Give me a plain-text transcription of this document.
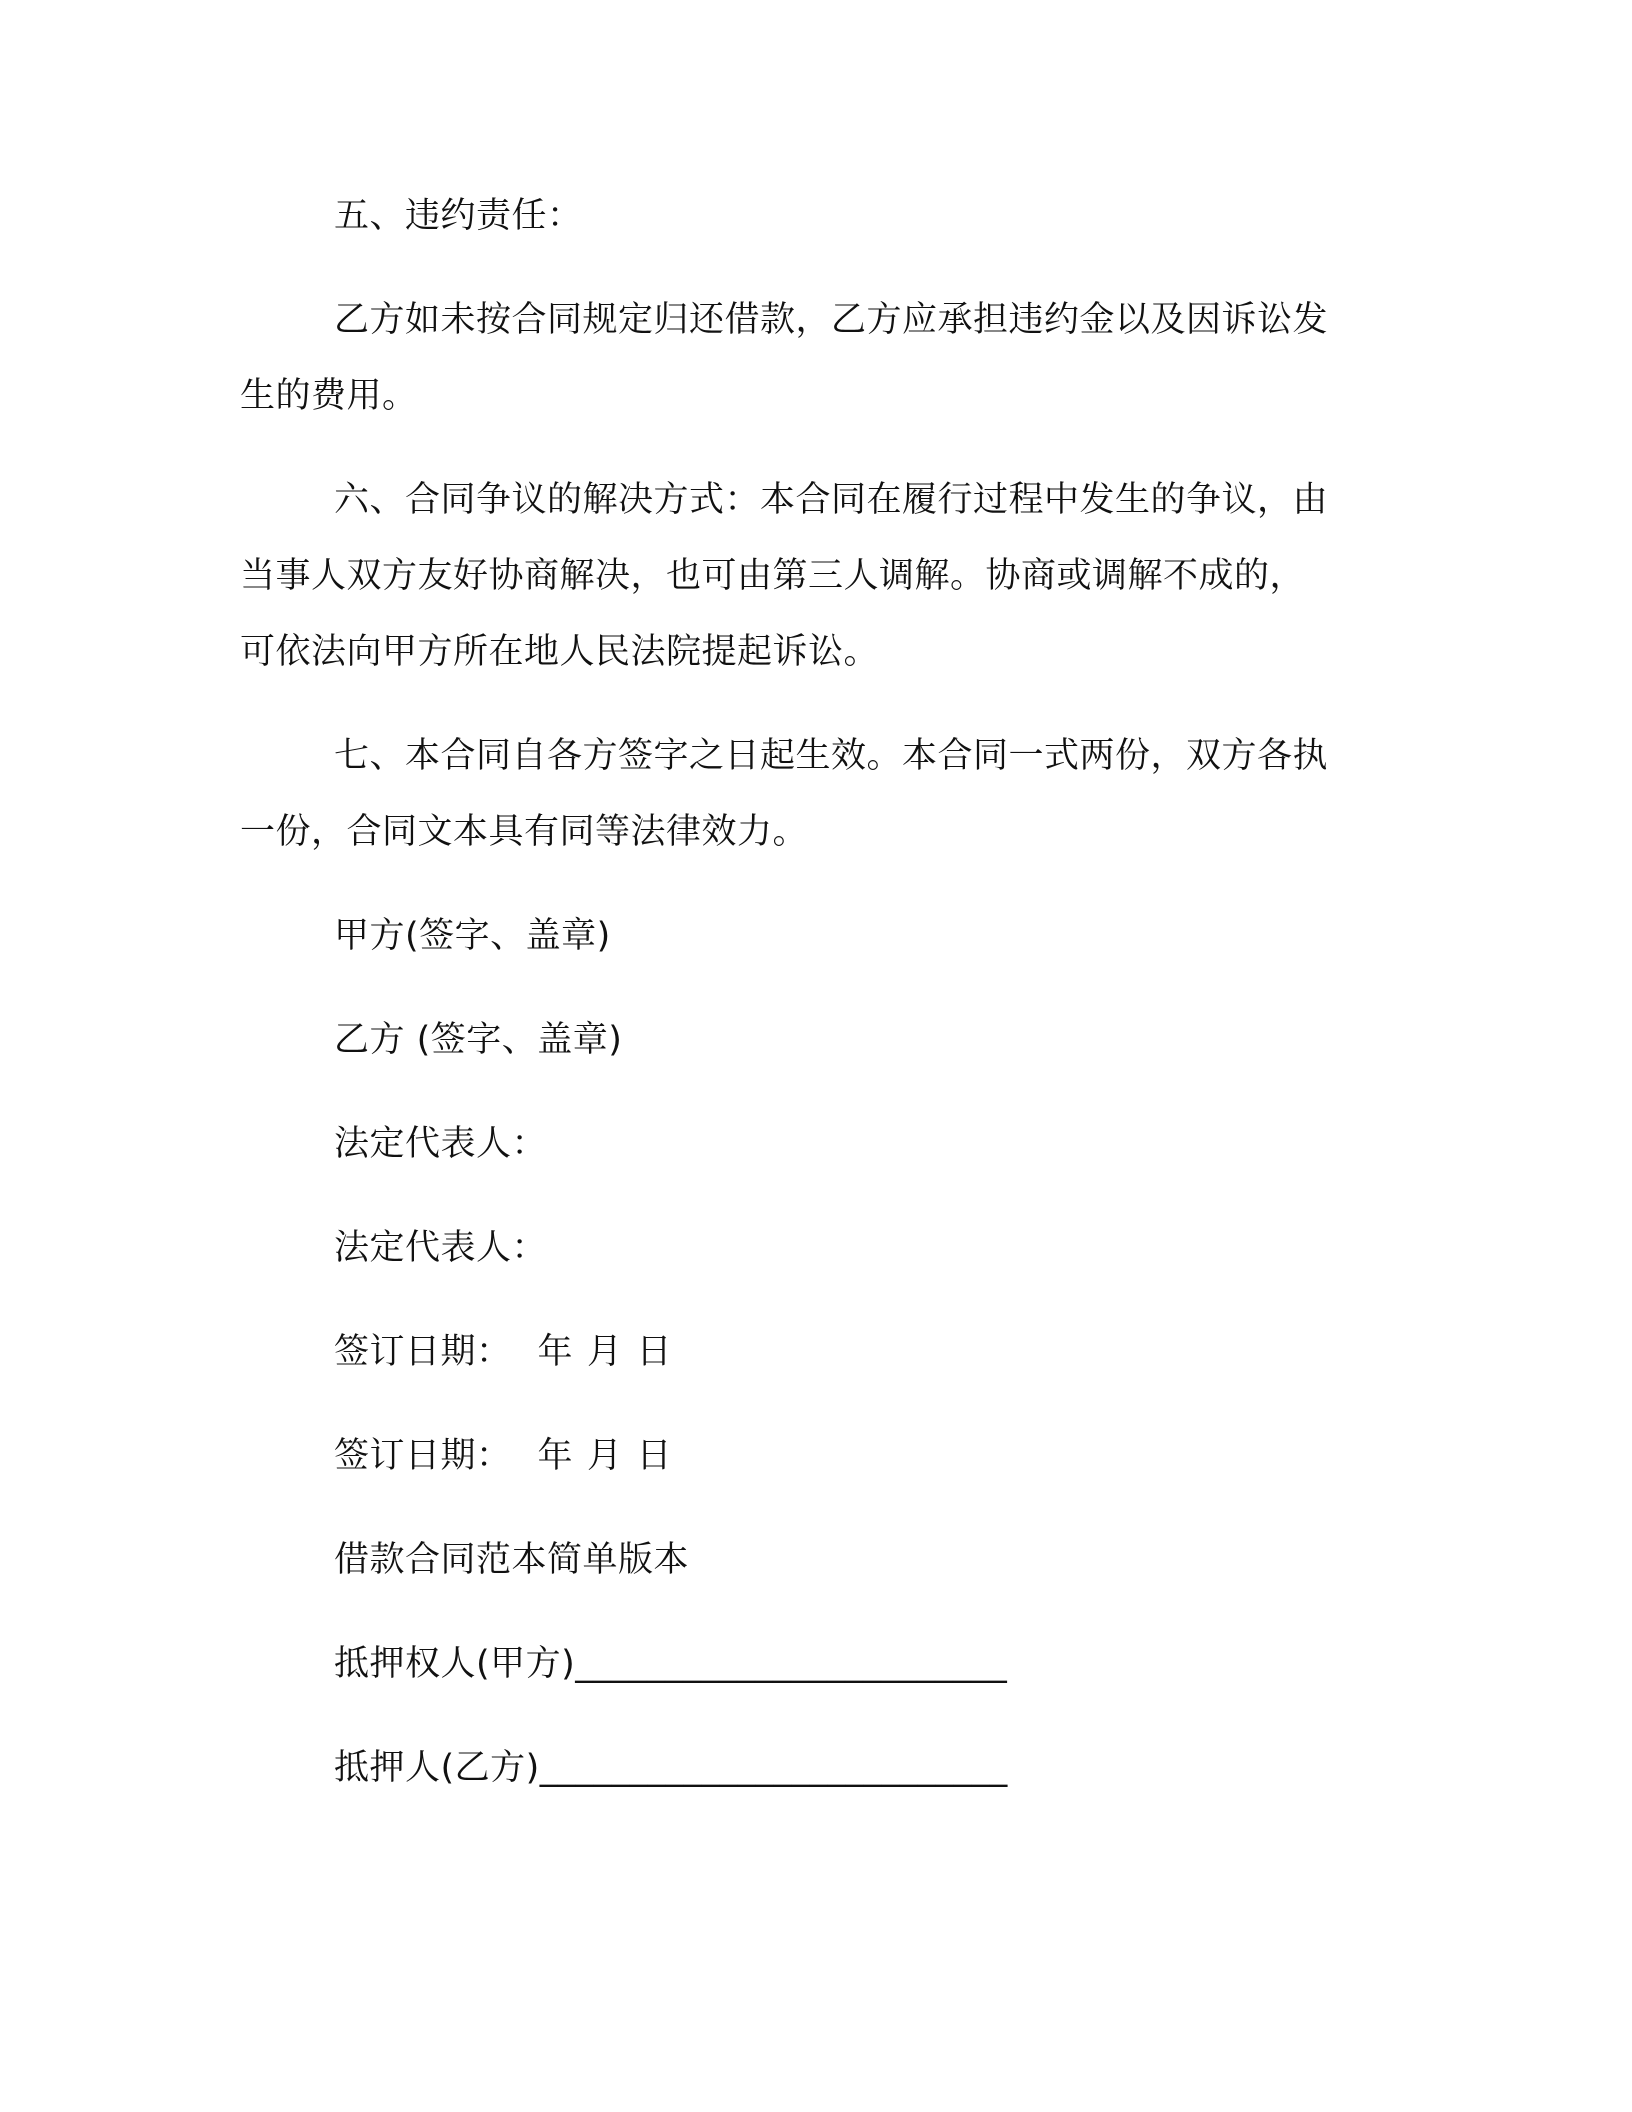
五、违约责任：
乙方如未按合同规定归还借款，乙方应承担违约金以及因诉讼发
生的费用。
六、合同争议的解决方式：本合同在履行过程中发生的争议，由
当事人双方友好协商解决，也可由第三人调解。协商或调解不成的，
可依法向甲方所在地人民法院提起诉讼。
七、本合同自各方签字之日起生效。本合同一式两份，双方各执
一份，合同文本具有同等法律效力。
甲方(签字、盖章)
乙方 (签字、盖章)
法定代表人：
法定代表人：
签订日期： 年 月 日
签订日期： 年 月 日
借款合同范本简单版本
抵押权人(甲方)________________________
抵押人(乙方)__________________________
